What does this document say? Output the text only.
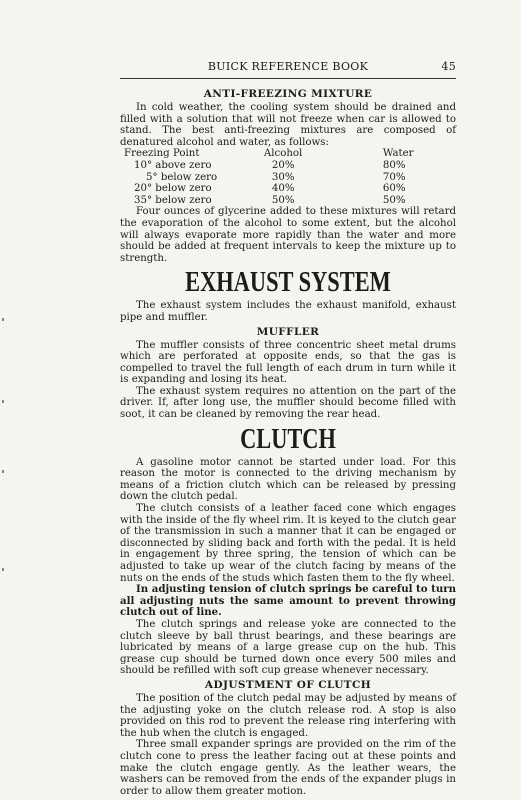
BUICK REFERENCE BOOK	45
ANTI-FREEZING MIXTURE

In cold weather, the cooling system should be drained and filled with a solution that will not freeze when car is allowed to stand. The best anti-freezing mixtures are composed of denatured alcohol and water, as follows:

Freezing Point	Alcohol	Water
10° above zero	20%	80%
5° below zero	30%	70%
20° below zero	40%	60%
35° below zero	50%	50%

Four ounces of glycerine added to these mixtures will retard the evaporation of the alcohol to some extent, but the alcohol will always evaporate more rapidly than the water and more should be added at frequent intervals to keep the mixture up to strength.

EXHAUST SYSTEM

The exhaust system includes the exhaust manifold, exhaust pipe and muffler.

MUFFLER

The muffler consists of three concentric sheet metal drums which are perforated at opposite ends, so that the gas is compelled to travel the full length of each drum in turn while it is expanding and losing its heat.

The exhaust system requires no attention on the part of the driver. If, after long use, the muffler should become filled with soot, it can be cleaned by removing the rear head.

CLUTCH

A gasoline motor cannot be started under load. For this reason the motor is connected to the driving mechanism by means of a friction clutch which can be released by pressing down the clutch pedal.

The clutch consists of a leather faced cone which engages with the inside of the fly wheel rim. It is keyed to the clutch gear of the transmission in such a manner that it can be engaged or disconnected by sliding back and forth with the pedal. It is held in engagement by three spring, the tension of which can be adjusted to take up wear of the clutch facing by means of the nuts on the ends of the studs which fasten them to the fly wheel.

In adjusting tension of clutch springs be careful to turn all adjusting nuts the same amount to prevent throwing clutch out of line.

The clutch springs and release yoke are connected to the clutch sleeve by ball thrust bearings, and these bearings are lubricated by means of a large grease cup on the hub. This grease cup should be turned down once every 500 miles and should be refilled with soft cup grease whenever necessary.

ADJUSTMENT OF CLUTCH

The position of the clutch pedal may be adjusted by means of the adjusting yoke on the clutch release rod. A stop is also provided on this rod to prevent the release ring interfering with the hub when the clutch is engaged.

Three small expander springs are provided on the rim of the clutch cone to press the leather facing out at these points and make the clutch engage gently. As the leather wears, the washers can be removed from the ends of the expander plugs in order to allow them greater motion.
